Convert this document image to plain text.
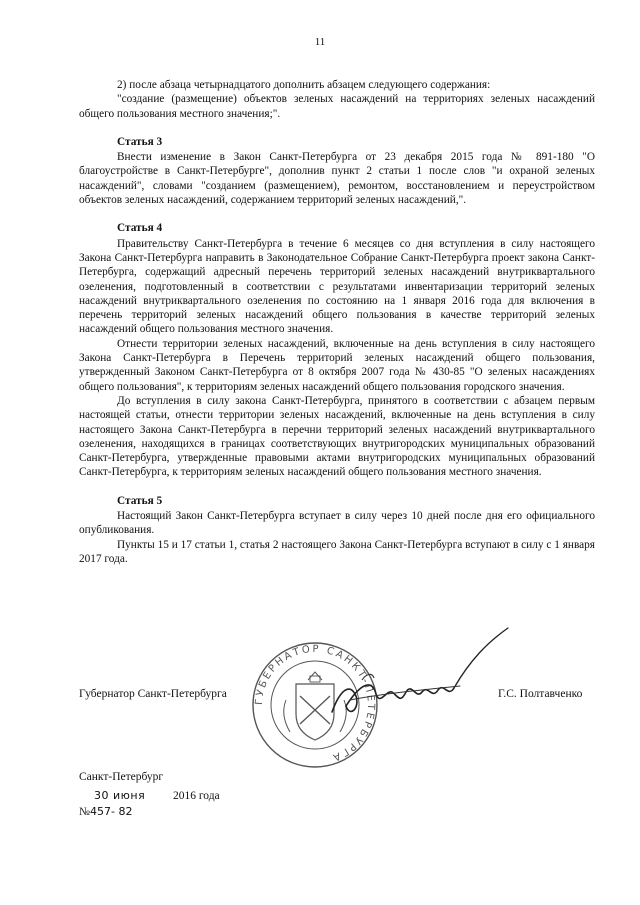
11

2) после абзаца четырнадцатого дополнить абзацем следующего содержания:

"создание (размещение) объектов зеленых насаждений на территориях зеленых насаждений общего пользования местного значения;".

Статья 3

Внести изменение в Закон Санкт-Петербурга от 23 декабря 2015 года № 891-180 "О благоустройстве в Санкт-Петербурге", дополнив пункт 2 статьи 1 после слов "и охраной зеленых насаждений", словами "созданием (размещением), ремонтом, восстановлением и переустройством объектов зеленых насаждений, содержанием территорий зеленых насаждений,".

Статья 4

Правительству Санкт-Петербурга в течение 6 месяцев со дня вступления в силу настоящего Закона Санкт-Петербурга направить в Законодательное Собрание Санкт-Петербурга проект закона Санкт-Петербурга, содержащий адресный перечень территорий зеленых насаждений внутриквартального озеленения, подготовленный в соответствии с результатами инвентаризации территорий зеленых насаждений внутриквартального озеленения по состоянию на 1 января 2016 года для включения в перечень территорий зеленых насаждений общего пользования в качестве территорий зеленых насаждений общего пользования местного значения.

Отнести территории зеленых насаждений, включенные на день вступления в силу настоящего Закона Санкт-Петербурга в Перечень территорий зеленых насаждений общего пользования, утвержденный Законом Санкт-Петербурга от 8 октября 2007 года № 430-85 "О зеленых насаждениях общего пользования", к территориям зеленых насаждений общего пользования городского значения.

До вступления в силу закона Санкт-Петербурга, принятого в соответствии с абзацем первым настоящей статьи, отнести территории зеленых насаждений, включенные на день вступления в силу настоящего Закона Санкт-Петербурга в перечни территорий зеленых насаждений внутриквартального озеленения, находящихся в границах соответствующих внутригородских муниципальных образований Санкт-Петербурга, утвержденные правовыми актами внутригородских муниципальных образований Санкт-Петербурга, к территориям зеленых насаждений общего пользования местного значения.

Статья 5

Настоящий Закон Санкт-Петербурга вступает в силу через 10 дней после дня его официального опубликования.

Пункты 15 и 17 статьи 1, статья 2 настоящего Закона Санкт-Петербурга вступают в силу с 1 января 2017 года.

ГУБЕРНАТОР САНКТ-ПЕТЕРБУРГА
Губернатор Санкт-Петербурга	Г.С. Полтавченко
Санкт-Петербург
30 июня 2016 года
№457- 82
